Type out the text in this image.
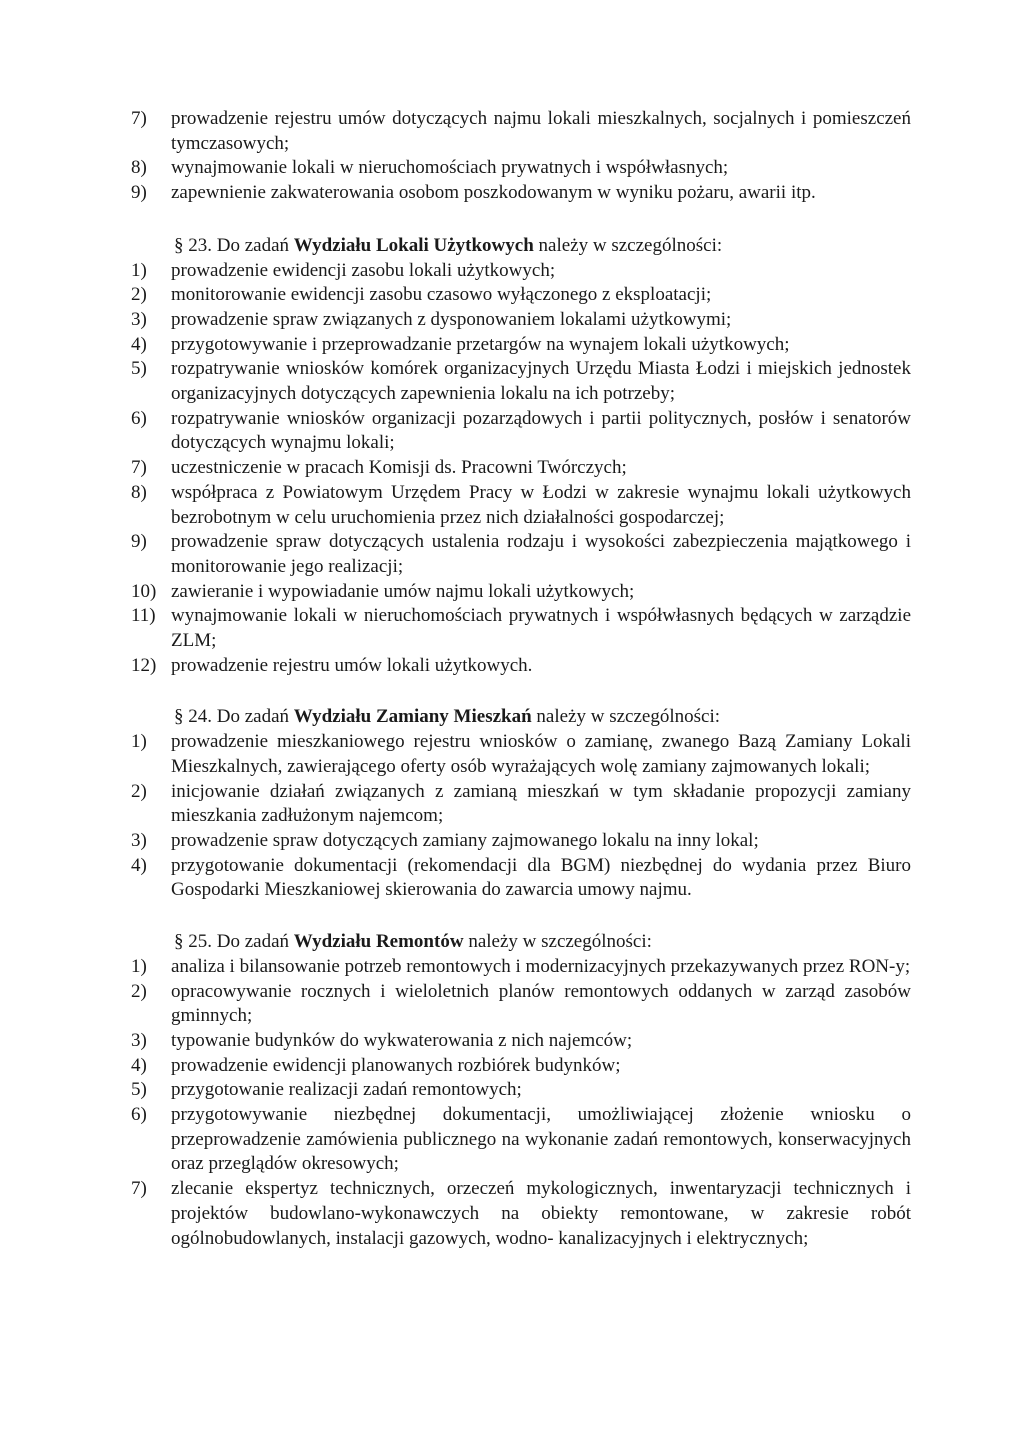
7)	prowadzenie rejestru umów dotyczących najmu lokali mieszkalnych, socjalnych i pomieszczeń tymczasowych;
8)	wynajmowanie lokali w nieruchomościach prywatnych i współwłasnych;
9)	zapewnienie zakwaterowania osobom poszkodowanym w wyniku pożaru, awarii itp.
§ 23. Do zadań Wydziału Lokali Użytkowych należy w szczególności:
1)	prowadzenie ewidencji zasobu lokali użytkowych;
2)	monitorowanie ewidencji zasobu czasowo wyłączonego z eksploatacji;
3)	prowadzenie spraw związanych z dysponowaniem lokalami użytkowymi;
4)	przygotowywanie i przeprowadzanie przetargów na wynajem lokali użytkowych;
5)	rozpatrywanie wniosków komórek organizacyjnych Urzędu Miasta Łodzi i miejskich jednostek organizacyjnych dotyczących zapewnienia lokalu na ich potrzeby;
6)	rozpatrywanie wniosków organizacji pozarządowych i partii politycznych, posłów i senatorów dotyczących wynajmu lokali;
7)	uczestniczenie w pracach Komisji ds. Pracowni Twórczych;
8)	współpraca z Powiatowym Urzędem Pracy w Łodzi w zakresie wynajmu lokali użytkowych bezrobotnym w celu uruchomienia przez nich działalności gospodarczej;
9)	prowadzenie spraw dotyczących ustalenia rodzaju i wysokości zabezpieczenia majątkowego i monitorowanie jego realizacji;
10) zawieranie i wypowiadanie umów najmu lokali użytkowych;
11) wynajmowanie lokali w nieruchomościach prywatnych i współwłasnych będących w zarządzie ZLM;
12) prowadzenie rejestru umów lokali użytkowych.
§ 24. Do zadań Wydziału Zamiany Mieszkań należy w szczególności:
1)	prowadzenie mieszkaniowego rejestru wniosków o zamianę, zwanego Bazą Zamiany Lokali Mieszkalnych, zawierającego oferty osób wyrażających wolę zamiany zajmowanych lokali;
2)	inicjowanie działań związanych z zamianą mieszkań w tym składanie propozycji zamiany mieszkania zadłużonym najemcom;
3)	prowadzenie spraw dotyczących zamiany zajmowanego lokalu na inny lokal;
4)	przygotowanie dokumentacji (rekomendacji dla BGM) niezbędnej do wydania przez Biuro Gospodarki Mieszkaniowej skierowania do zawarcia umowy najmu.
§ 25. Do zadań Wydziału Remontów należy w szczególności:
1)	analiza i bilansowanie potrzeb remontowych i modernizacyjnych przekazywanych przez RON-y;
2)	opracowywanie rocznych i wieloletnich planów remontowych oddanych w zarząd zasobów gminnych;
3)	typowanie budynków do wykwaterowania z nich najemców;
4)	prowadzenie ewidencji planowanych rozbiórek budynków;
5)	przygotowanie realizacji zadań remontowych;
6)	przygotowywanie niezbędnej dokumentacji, umożliwiającej złożenie wniosku o przeprowadzenie zamówienia publicznego na wykonanie zadań remontowych, konserwacyjnych oraz przeglądów okresowych;
7)	zlecanie ekspertyz technicznych, orzeczeń mykologicznych, inwentaryzacji technicznych i projektów budowlano-wykonawczych na obiekty remontowane, w zakresie robót ogólnobudowlanych, instalacji gazowych, wodno- kanalizacyjnych i elektrycznych;
